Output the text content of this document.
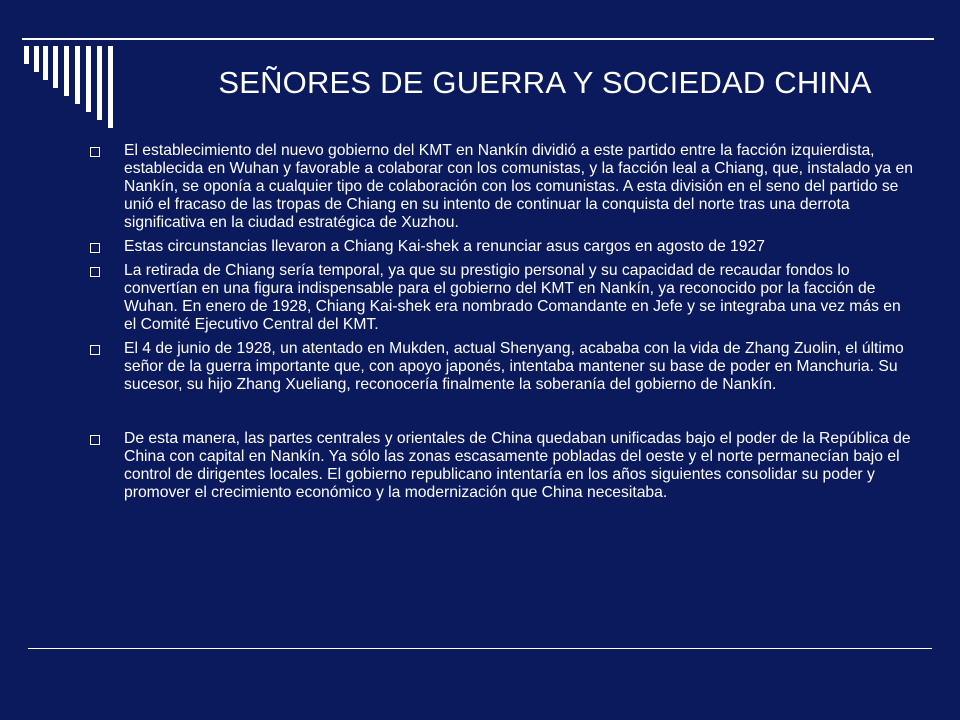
SEÑORES DE GUERRA Y SOCIEDAD CHINA
El establecimiento del nuevo gobierno del KMT en Nankín dividió a este partido entre la facción izquierdista, establecida en Wuhan y favorable a colaborar con los comunistas, y la facción leal a Chiang, que, instalado ya en Nankín, se oponía a cualquier tipo de colaboración con los comunistas. A esta división en el seno del partido se unió el fracaso de las tropas de Chiang en su intento de continuar la conquista del norte tras una derrota significativa en la ciudad estratégica de Xuzhou.
Estas circunstancias llevaron a Chiang Kai-shek a renunciar asus cargos en agosto de 1927
La retirada de Chiang sería temporal, ya que su prestigio personal y su capacidad de recaudar fondos lo convertían en una figura indispensable para el gobierno del KMT en Nankín, ya reconocido por la facción de Wuhan. En enero de 1928, Chiang Kai-shek era nombrado Comandante en Jefe y se integraba una vez más en el Comité Ejecutivo Central del KMT.
El 4 de junio de 1928, un atentado en Mukden, actual Shenyang, acababa con la vida de Zhang Zuolin, el último señor de la guerra importante que, con apoyo japonés, intentaba mantener su base de poder en Manchuria. Su sucesor, su hijo Zhang Xueliang, reconocería finalmente la soberanía del gobierno de Nankín.
De esta manera, las partes centrales y orientales de China quedaban unificadas bajo el poder de la República de China con capital en Nankín. Ya sólo las zonas escasamente pobladas del oeste y el norte permanecían bajo el control de dirigentes locales. El gobierno republicano intentaría en los años siguientes consolidar su poder y promover el crecimiento económico y la modernización que China necesitaba.
